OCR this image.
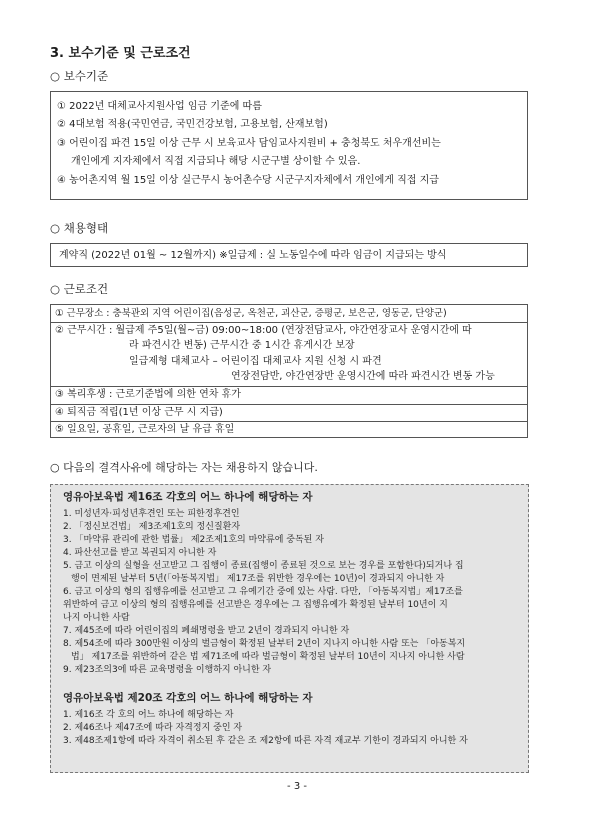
3. 보수기준 및 근로조건
○ 보수기준
① 2022년 대체교사지원사업 임금 기준에 따름
② 4대보험 적용(국민연금, 국민건강보험, 고용보험, 산재보험)
③ 어린이집 파견 15일 이상 근무 시 보육교사 담임교사지원비 + 충청북도 처우개선비는
개인에게 지자체에서 직접 지급되나 해당 시군구별 상이할 수 있음.
④ 농어촌지역 월 15일 이상 실근무시 농어촌수당 시군구지자체에서 개인에게 직접 지급
○ 채용형태
계약직 (2022년 01월 ~ 12월까지) ※일급제 : 실 노동일수에 따라 임금이 지급되는 방식
○ 근로조건
① 근무장소 : 충북관외 지역 어린이집(음성군, 옥천군, 괴산군, 증평군, 보은군, 영동군, 단양군)
② 근무시간 : 월급제 주5일(월~금) 09:00~18:00 (연장전담교사, 야간연장교사 운영시간에 따
라 파견시간 변동) 근무시간 중 1시간 휴게시간 보장
일급제형 대체교사 – 어린이집 대체교사 지원 신청 시 파견
연장전담반, 야간연장반 운영시간에 따라 파견시간 변동 가능
③ 복리후생 : 근로기준법에 의한 연차 휴가
④ 퇴직금 적립(1년 이상 근무 시 지급)
⑤ 일요일, 공휴일, 근로자의 날 유급 휴일
○ 다음의 결격사유에 해당하는 자는 채용하지 않습니다.
영유아보육법 제16조 각호의 어느 하나에 해당하는 자
1. 미성년자·피성년후견인 또는 피한정후견인
2. 「정신보건법」 제3조제1호의 정신질환자
3. 「마약류 관리에 관한 법률」 제2조제1호의 마약류에 중독된 자
4. 파산선고를 받고 복권되지 아니한 자
5. 금고 이상의 실형을 선고받고 그 집행이 종료(집행이 종료된 것으로 보는 경우를 포함한다)되거나 집
행이 면제된 날부터 5년(「아동복지법」 제17조를 위반한 경우에는 10년)이 경과되지 아니한 자
6. 금고 이상의 형의 집행유예를 선고받고 그 유예기간 중에 있는 사람. 다만, 「아동복지법」제17조를
위반하여 금고 이상의 형의 집행유예를 선고받은 경우에는 그 집행유예가 확정된 날부터 10년이 지
나지 아니한 사람
7. 제45조에 따라 어린이집의 폐쇄명령을 받고 2년이 경과되지 아니한 자
8. 제54조에 따라 300만원 이상의 벌금형이 확정된 날부터 2년이 지나지 아니한 사람 또는 「아동복지
법」 제17조를 위반하여 같은 법 제71조에 따라 벌금형이 확정된 날부터 10년이 지나지 아니한 사람
9. 제23조의3에 따른 교육명령을 이행하지 아니한 자
영유아보육법 제20조 각호의 어느 하나에 해당하는 자
1. 제16조 각 호의 어느 하나에 해당하는 자
2. 제46조나 제47조에 따라 자격정지 중인 자
3. 제48조제1항에 따라 자격이 취소된 후 같은 조 제2항에 따른 자격 재교부 기한이 경과되지 아니한 자
- 3 -
